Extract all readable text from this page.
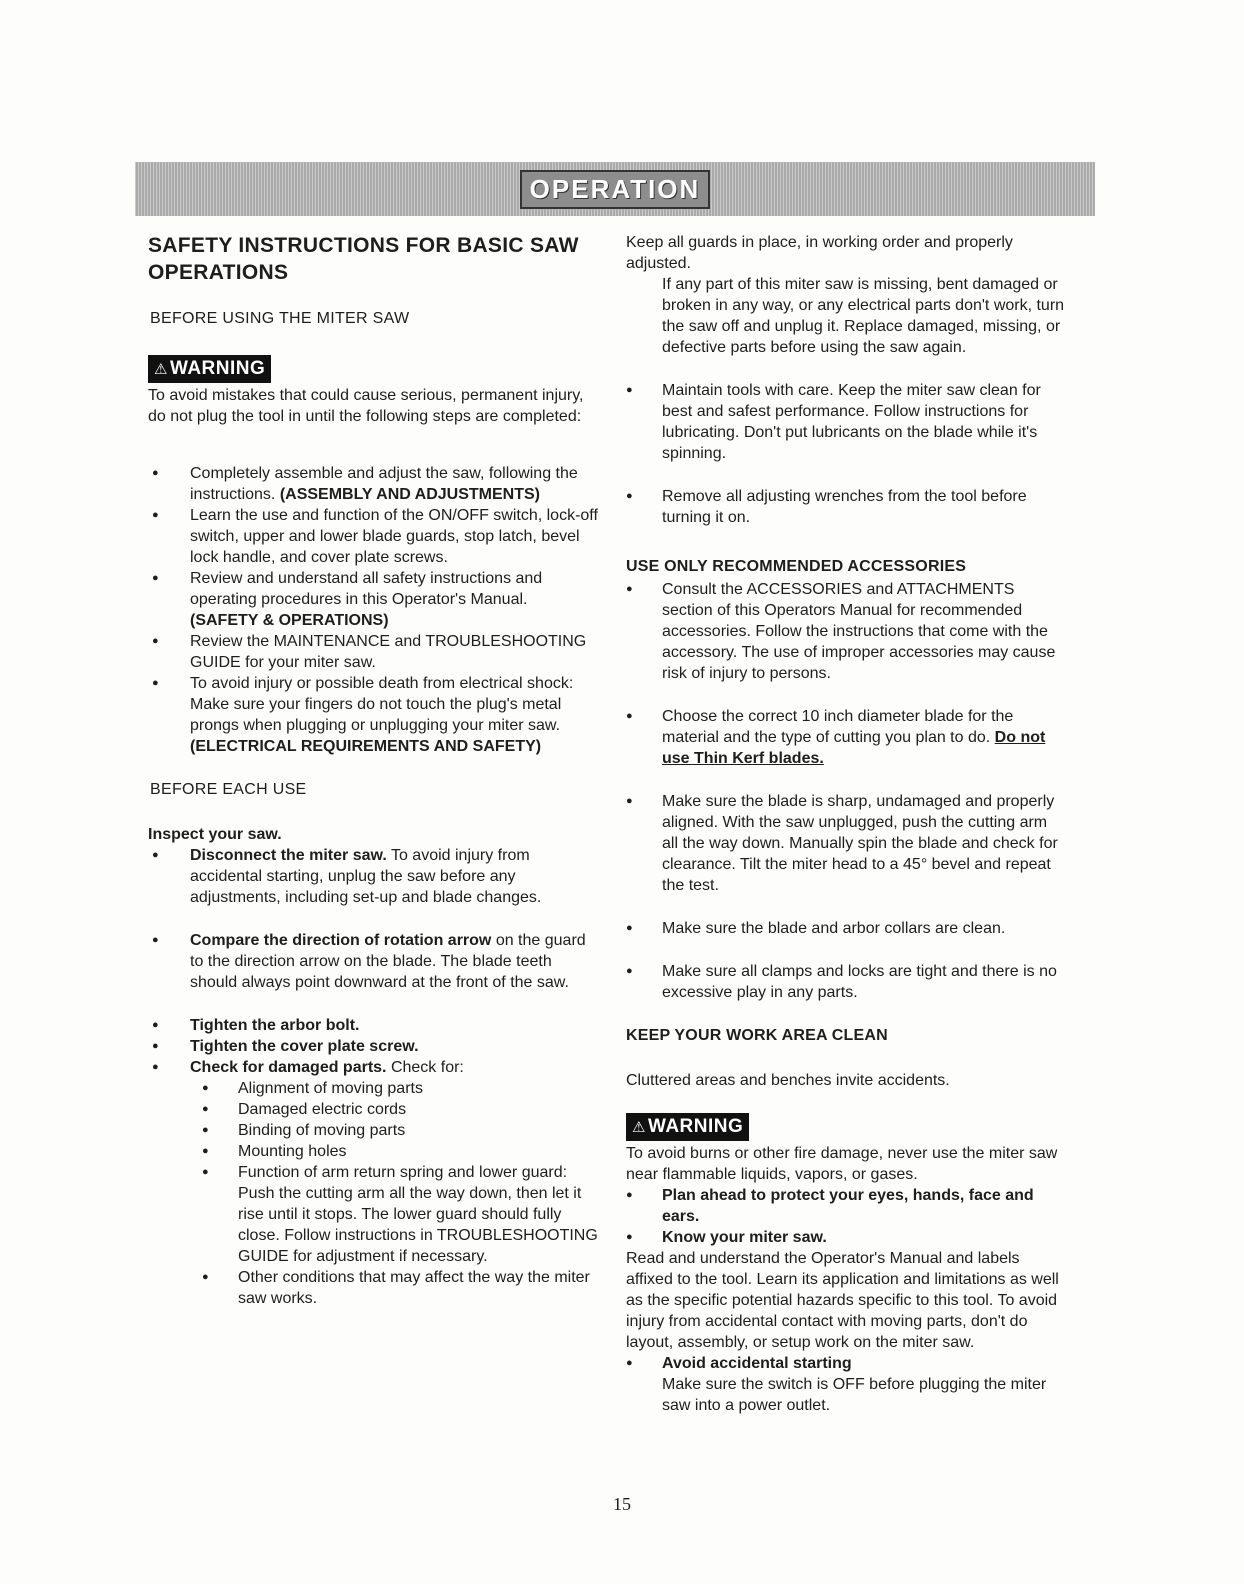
OPERATION
SAFETY INSTRUCTIONS FOR BASIC SAW OPERATIONS
BEFORE USING THE MITER SAW
⚠ WARNING
To avoid mistakes that could cause serious, permanent injury, do not plug the tool in until the following steps are completed:
● Completely assemble and adjust the saw, following the instructions. (ASSEMBLY AND ADJUSTMENTS)
● Learn the use and function of the ON/OFF switch, lock-off switch, upper and lower blade guards, stop latch, bevel lock handle, and cover plate screws.
● Review and understand all safety instructions and operating procedures in this Operator's Manual. (SAFETY & OPERATIONS)
● Review the MAINTENANCE and TROUBLESHOOTING GUIDE for your miter saw.
● To avoid injury or possible death from electrical shock:
Make sure your fingers do not touch the plug's metal prongs when plugging or unplugging your miter saw. (ELECTRICAL REQUIREMENTS AND SAFETY)
BEFORE EACH USE
Inspect your saw.
● Disconnect the miter saw. To avoid injury from accidental starting, unplug the saw before any adjustments, including set-up and blade changes.
● Compare the direction of rotation arrow on the guard to the direction arrow on the blade. The blade teeth should always point downward at the front of the saw.
● Tighten the arbor bolt.
● Tighten the cover plate screw.
● Check for damaged parts. Check for:
● Alignment of moving parts
● Damaged electric cords
● Binding of moving parts
● Mounting holes
● Function of arm return spring and lower guard:
Push the cutting arm all the way down, then let it rise until it stops. The lower guard should fully close. Follow instructions in TROUBLESHOOTING GUIDE for adjustment if necessary.
● Other conditions that may affect the way the miter saw works.
Keep all guards in place, in working order and properly adjusted.
If any part of this miter saw is missing, bent damaged or broken in any way, or any electrical parts don't work, turn the saw off and unplug it. Replace damaged, missing, or defective parts before using the saw again.
● Maintain tools with care. Keep the miter saw clean for best and safest performance. Follow instructions for lubricating. Don't put lubricants on the blade while it's spinning.
● Remove all adjusting wrenches from the tool before turning it on.
USE ONLY RECOMMENDED ACCESSORIES
● Consult the ACCESSORIES and ATTACHMENTS section of this Operators Manual for recommended accessories. Follow the instructions that come with the accessory. The use of improper accessories may cause risk of injury to persons.
● Choose the correct 10 inch diameter blade for the material and the type of cutting you plan to do. Do not use Thin Kerf blades.
● Make sure the blade is sharp, undamaged and properly aligned. With the saw unplugged, push the cutting arm all the way down. Manually spin the blade and check for clearance. Tilt the miter head to a 45° bevel and repeat the test.
● Make sure the blade and arbor collars are clean.
● Make sure all clamps and locks are tight and there is no excessive play in any parts.
KEEP YOUR WORK AREA CLEAN
Cluttered areas and benches invite accidents.
⚠ WARNING
To avoid burns or other fire damage, never use the miter saw near flammable liquids, vapors, or gases.
● Plan ahead to protect your eyes, hands, face and ears.
● Know your miter saw.
Read and understand the Operator's Manual and labels affixed to the tool. Learn its application and limitations as well as the specific potential hazards specific to this tool. To avoid injury from accidental contact with moving parts, don't do layout, assembly, or setup work on the miter saw.
● Avoid accidental starting
Make sure the switch is OFF before plugging the miter saw into a power outlet.
15
